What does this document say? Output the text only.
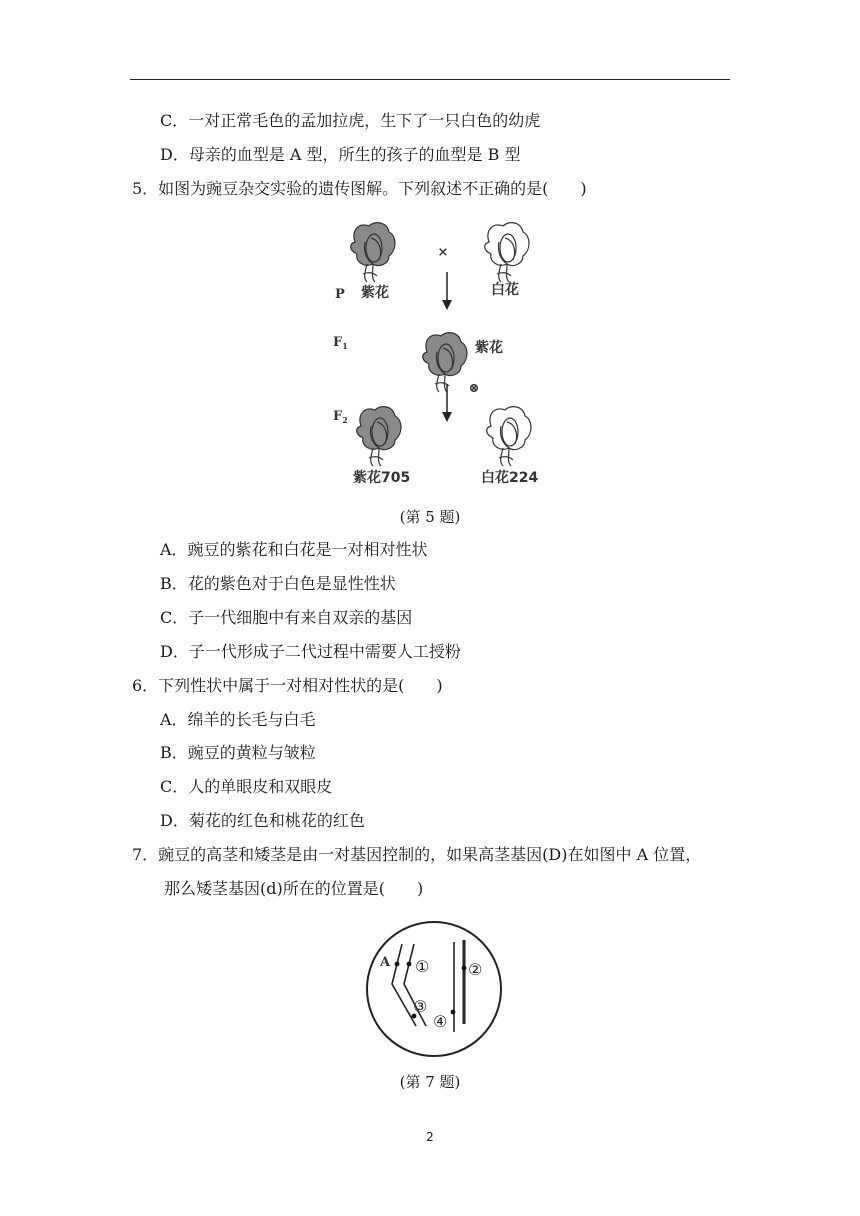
C．一对正常毛色的孟加拉虎，生下了一只白色的幼虎
D．母亲的血型是 A 型，所生的孩子的血型是 B 型
5．如图为豌豆杂交实验的遗传图解。下列叙述不正确的是(　　)
×
P 紫花	白花
$F_1$	紫花
⊗
$F_2$
紫花705	白花224
(第 5 题)
A．豌豆的紫花和白花是一对相对性状
B．花的紫色对于白色是显性性状
C．子一代细胞中有来自双亲的基因
D．子一代形成子二代过程中需要人工授粉
6．下列性状中属于一对相对性状的是(　　)
A．绵羊的长毛与白毛
B．豌豆的黄粒与皱粒
C．人的单眼皮和双眼皮
D．菊花的红色和桃花的红色
7．豌豆的高茎和矮茎是由一对基因控制的，如果高茎基因(D)在如图中 A 位置，
那么矮茎基因(d)所在的位置是(　　)
A ① ②
③
④
(第 7 题)
2
